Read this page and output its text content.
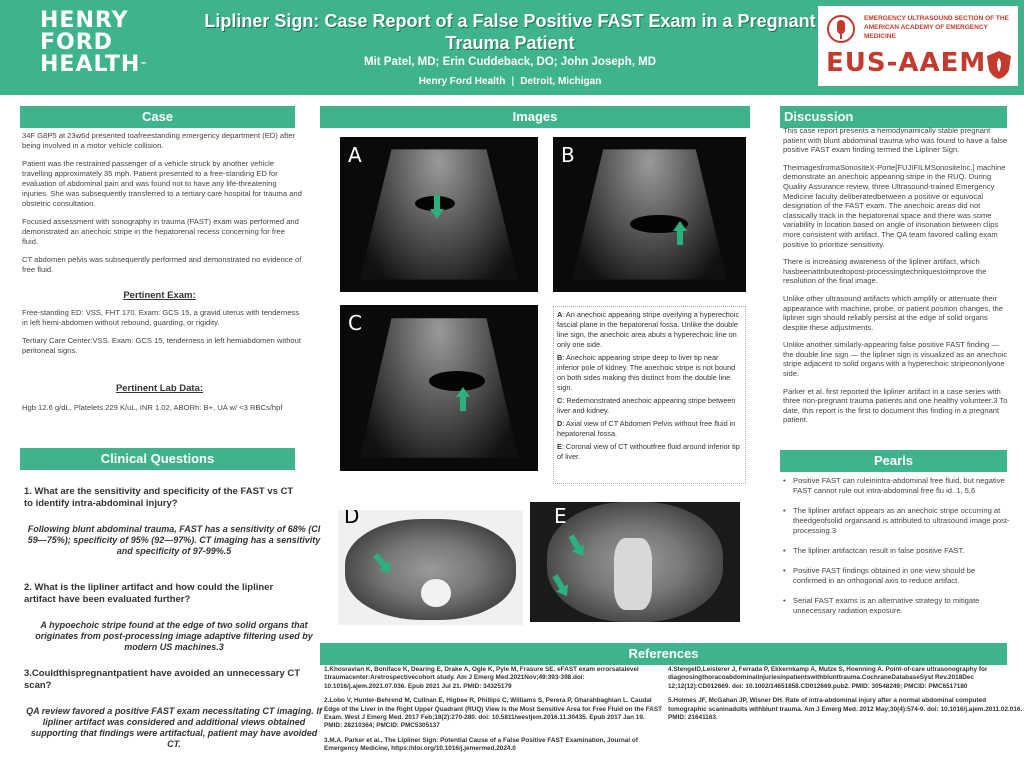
HENRY
FORD
HEALTH™
Lipliner Sign: Case Report of a False Positive FAST Exam in a Pregnant Trauma Patient
Mit Patel, MD; Erin Cuddeback, DO; John Joseph, MD
Henry Ford Health | Detroit, Michigan
EMERGENCY ULTRASOUND SECTION OF THE AMERICAN ACADEMY OF EMERGENCY MEDICINE
EUS-AAEM
Case

34F G8P5 at 23w6d presented toafreestanding emergency department (ED) after being involved in a motor vehicle collision.

Patient was the restrained passenger of a vehicle struck by another vehicle travelling approximately 35 mph. Patient presented to a free-standing ED for evaluation of abdominal pain and was found not to have any life-threatening injuries. She was subsequently transferred to a tertiary care hospital for trauma and obstetric consultation.

Focused assessment with sonography in trauma (FAST) exam was performed and demonstrated an anechoic stripe in the hepatorenal recess concerning for free fluid.

CT abdomen pelvis was subsequently performed and demonstrated no evidence of free fluid.

Pertinent Exam:

Free-standing ED: VSS, FHT 170. Exam: GCS 15, a gravid uterus with tenderness in left hemi-abdomen without rebound, guarding, or rigidity.

Tertiary Care Center:VSS. Exam: GCS 15, tenderness in left hemiabdomen without peritoneal signs.

Pertinent Lab Data:
Hgb 12.6 g/dL, Platelets 229 K/uL, INR 1.02, ABORh: B+, UA w/ <3 RBCs/hpf
Clinical Questions
1. What are the sensitivity and specificity of the FAST vs CT to identify intra-abdominal injury?
Following blunt abdominal trauma, FAST has a sensitivity of 68% (CI 59—75%); specificity of 95% (92—97%). CT imaging has a sensitivity and specificity of 97-99%.5
2. What is the lipliner artifact and how could the lipliner artifact have been evaluated further?
A hypoechoic stripe found at the edge of two solid organs that originates from post-processing image adaptive filtering used by modern US machines.3
3.Couldthispregnantpatient have avoided an unnecessary CT scan?
QA review favored a positive FAST exam necessitating CT imaging. If lipliner artifact was considered and additional views obtained supporting that findings were artifactual, patient may have avoided CT.
Images
A	B
C	A: An anechoic appearing stripe overlying a hyperechoic fascial plane in the hepatorenal fossa. Unlike the double line sign, the anechoic area abuts a hyperechoic line on only one side.

B: Anechoic appearing stripe deep to liver tip near inferior pole of kidney. The anechoic stripe is not bound on both sides making this distinct from the double line sign.

C: Redemonstrated anechoic appearing stripe between liver and kidney.

D: Axial view of CT Abdomen Pelvis without free fluid in hepatorenal fossa.

E: Coronal view of CT withoutfree fluid around inferior tip of liver.

D	E
Discussion

This case report presents a hemodynamically stable pregnant patient with blunt abdominal trauma who was found to have a false positive FAST exam finding termed the Lipliner Sign.

TheimagesfromaSonositeX-Porte[FUJIFILMSonositeInc.] machine demonstrate an anechoic appearing stripe in the RUQ. During Quality Assurance review, three Ultrasound-trained Emergency Medicine faculty deliberatedbetween a positive or equivocal designation of the FAST exam. The anechoic areas did not classically track in the hepatorenal space and there was some variability in location based on angle of insonation between clips more consistent with artifact. The QA team favored calling exam positive to prioritize sensitivity.

There is increasing awareness of the lipliner artifact, which hasbeenattributedtopost-processingtechniquestoimprove the resolution of the final image.

Unlike other ultrasound artifacts which amplify or attenuate their appearance with machine, probe, or patient position changes, the lipliner sign should reliably persist at the edge of solid organs despite these adjustments.

Unlike another similarly-appearing false positive FAST finding — the double line sign — the lipliner sign is visualized as an anechoic stripe adjacent to solid organs with a hyperechoic stripeononlyone side.

Parker et al. first reported the lipliner artifact in a case series with three non-pregnant trauma patients and one healthy volunteer.3 To date, this report is the first to document this finding in a pregnant patient.

Pearls
• Positive FAST can ruleinintra-abdominal free fluid, but negative FAST cannot rule out intra-abdominal free flu id. 1, 5,6
• The lipliner artifact appears as an anechoic stripe occurring at theedgeofsolid organsand is attributed to ultrasound image post-processing.3
• The lipliner artifactcan result in false positive FAST.
• Positive FAST findings obtained in one view should be confirmed in an orthogonal axis to reduce artifact.
• Serial FAST exams is an alternative strategy to mitigate unnecessary radiation exposure.
References

1.Khosravian K, Boniface K, Dearing E, Drake A, Ogle K, Pyle M, Frasure SE. eFAST exam errorsatalevel 1traumacenter:Aretrospectivecohort study. Am J Emerg Med.2021Nov;49:393-398.doi: 10.1016/j.ajem.2021.07.036. Epub 2021 Jul 21. PMID: 34325179

2.Lobo V, Hunter-Behrend M, Cullnan E, Higbee R, Phillips C, Williams S, Perera P, Gharahbaghian L. Caudal Edge of the Liver in the Right Upper Quadrant (RUQ) View Is the Most Sensitive Area for Free Fluid on the FAST Exam. West J Emerg Med. 2017 Feb;18(2):270-280. doi: 10.5811/westjem.2016.11.30435. Epub 2017 Jan 19. PMID: 28210364; PMCID: PMC5305137

3.M.A. Parker et al., The Lipliner Sign: Potential Cause of a False Positive FAST Examination, Journal of Emergency Medicine, https://doi.org/10.1016/j.jemermed.2024.0

4.StengelD,Leisterer J, Ferrada P, Ekkernkamp A, Mutze S, Hoenning A. Point-of-care ultrasonography for diagnosingthoracoabdominalinjuriesinpatientswithblunttrauma.CochraneDatabaseSyst Rev.2018Dec 12;12(12):CD012669. doi: 10.1002/14651858.CD012669.pub2. PMID: 30548249; PMCID: PMC6517180

5.Holmes JF, McGahan JP, Wisner DH. Rate of intra-abdominal injury after a normal abdominal computed tomographic scaninadults withblunt trauma. Am J Emerg Med. 2012 May;30(4):574-9. doi: 10.1016/j.ajem.2011.02.016. PMID: 21641163.
